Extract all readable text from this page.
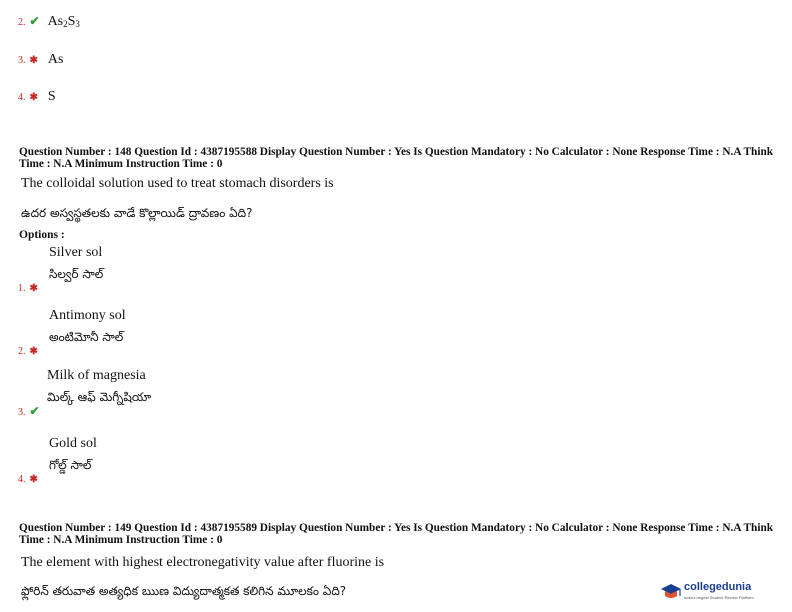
2. ✔ $As_2S_3$
3. ✱ As
4. ✱ S
Question Number : 148 Question Id : 4387195588 Display Question Number : Yes Is Question Mandatory : No Calculator : None Response Time : N.A Think Time : N.A Minimum Instruction Time : 0
The colloidal solution used to treat stomach disorders is
ఉదర అస్వస్థతలకు వాడే కొల్లాయిడ్ ద్రావణం ఏది?
Options :
Silver sol
సిల్వర్ సాల్
1. ✱
Antimony sol
అంటిమోనీ సాల్
2. ✱
Milk of magnesia
మిల్క్ ఆఫ్ మెగ్నీషియా
3. ✔
Gold sol
గోల్డ్ సాల్
4. ✱
Question Number : 149 Question Id : 4387195589 Display Question Number : Yes Is Question Mandatory : No Calculator : None Response Time : N.A Think Time : N.A Minimum Instruction Time : 0
The element with highest electronegativity value after fluorine is
ఫ్లోరిన్ తరువాత అత్యధిక ఋణ విద్యుదాత్మకత కలిగిన మూలకం ఏది?	collegedunia
India's largest Student Review Platform
